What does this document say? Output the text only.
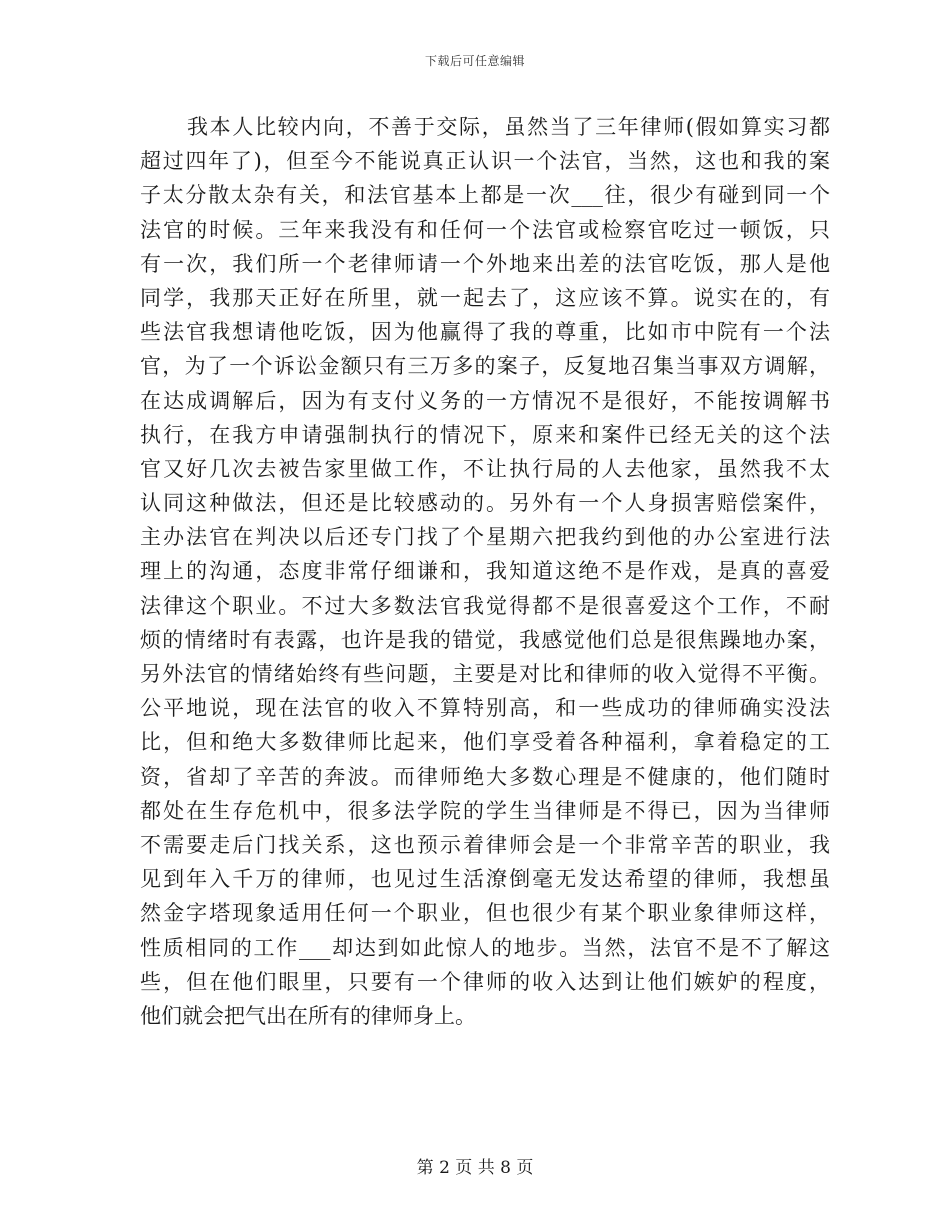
下载后可任意编辑
我本人比较内向，不善于交际，虽然当了三年律师(假如算实习都
超过四年了)，但至今不能说真正认识一个法官，当然，这也和我的案
子太分散太杂有关，和法官基本上都是一次___往，很少有碰到同一个
法官的时候。三年来我没有和任何一个法官或检察官吃过一顿饭，只
有一次，我们所一个老律师请一个外地来出差的法官吃饭，那人是他
同学，我那天正好在所里，就一起去了，这应该不算。说实在的，有
些法官我想请他吃饭，因为他赢得了我的尊重，比如市中院有一个法
官，为了一个诉讼金额只有三万多的案子，反复地召集当事双方调解，
在达成调解后，因为有支付义务的一方情况不是很好，不能按调解书
执行，在我方申请强制执行的情况下，原来和案件已经无关的这个法
官又好几次去被告家里做工作，不让执行局的人去他家，虽然我不太
认同这种做法，但还是比较感动的。另外有一个人身损害赔偿案件，
主办法官在判决以后还专门找了个星期六把我约到他的办公室进行法
理上的沟通，态度非常仔细谦和，我知道这绝不是作戏，是真的喜爱
法律这个职业。不过大多数法官我觉得都不是很喜爱这个工作，不耐
烦的情绪时有表露，也许是我的错觉，我感觉他们总是很焦躁地办案，
另外法官的情绪始终有些问题，主要是对比和律师的收入觉得不平衡。
公平地说，现在法官的收入不算特别高，和一些成功的律师确实没法
比，但和绝大多数律师比起来，他们享受着各种福利，拿着稳定的工
资，省却了辛苦的奔波。而律师绝大多数心理是不健康的，他们随时
都处在生存危机中，很多法学院的学生当律师是不得已，因为当律师
不需要走后门找关系，这也预示着律师会是一个非常辛苦的职业，我
见到年入千万的律师，也见过生活潦倒毫无发达希望的律师，我想虽
然金字塔现象适用任何一个职业，但也很少有某个职业象律师这样，
性质相同的工作___却达到如此惊人的地步。当然，法官不是不了解这
些，但在他们眼里，只要有一个律师的收入达到让他们嫉妒的程度，
他们就会把气出在所有的律师身上。
第 2 页 共 8 页
